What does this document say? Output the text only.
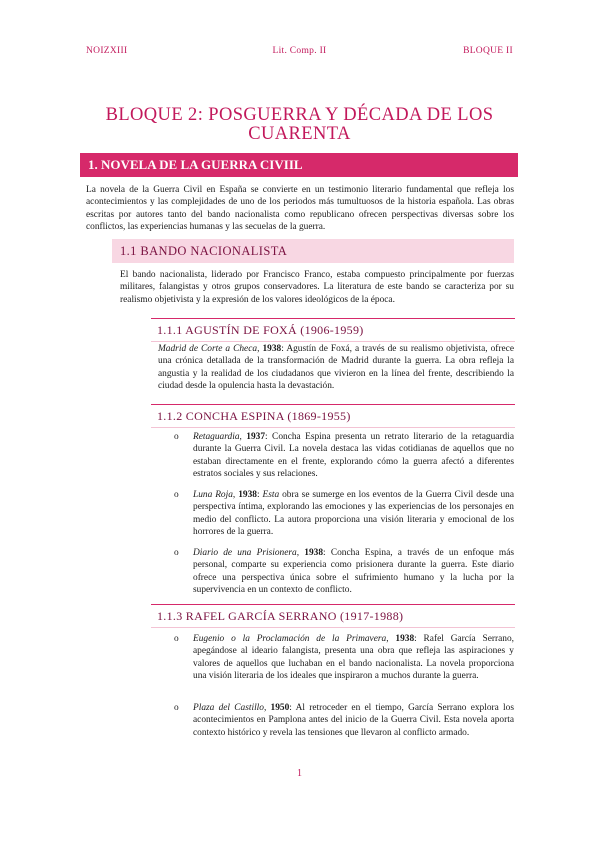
NOIZXIII	Lit. Comp. II	BLOQUE II
BLOQUE 2: POSGUERRA Y DÉCADA DE LOS CUARENTA
1. NOVELA DE LA GUERRA CIVIIL

La novela de la Guerra Civil en España se convierte en un testimonio literario fundamental que refleja los acontecimientos y las complejidades de uno de los periodos más tumultuosos de la historia española. Las obras escritas por autores tanto del bando nacionalista como republicano ofrecen perspectivas diversas sobre los conflictos, las experiencias humanas y las secuelas de la guerra.

1.1 BANDO NACIONALISTA

El bando nacionalista, liderado por Francisco Franco, estaba compuesto principalmente por fuerzas militares, falangistas y otros grupos conservadores. La literatura de este bando se caracteriza por su realismo objetivista y la expresión de los valores ideológicos de la época.

1.1.1 AGUSTÍN DE FOXÁ (1906-1959)

Madrid de Corte a Checa, 1938: Agustín de Foxá, a través de su realismo objetivista, ofrece una crónica detallada de la transformación de Madrid durante la guerra. La obra refleja la angustia y la realidad de los ciudadanos que vivieron en la línea del frente, describiendo la ciudad desde la opulencia hasta la devastación.

1.1.2 CONCHA ESPINA (1869-1955)
o Retaguardia, 1937: Concha Espina presenta un retrato literario de la retaguardia durante la Guerra Civil. La novela destaca las vidas cotidianas de aquellos que no estaban directamente en el frente, explorando cómo la guerra afectó a diferentes estratos sociales y sus relaciones.

o Luna Roja, 1938: Esta obra se sumerge en los eventos de la Guerra Civil desde una perspectiva íntima, explorando las emociones y las experiencias de los personajes en medio del conflicto. La autora proporciona una visión literaria y emocional de los horrores de la guerra.

o Diario de una Prisionera, 1938: Concha Espina, a través de un enfoque más personal, comparte su experiencia como prisionera durante la guerra. Este diario ofrece una perspectiva única sobre el sufrimiento humano y la lucha por la supervivencia en un contexto de conflicto.

1.1.3 RAFEL GARCÍA SERRANO (1917-1988)
o Eugenio o la Proclamación de la Primavera, 1938: Rafel García Serrano, apegándose al ideario falangista, presenta una obra que refleja las aspiraciones y valores de aquellos que luchaban en el bando nacionalista. La novela proporciona una visión literaria de los ideales que inspiraron a muchos durante la guerra.

o Plaza del Castillo, 1950: Al retroceder en el tiempo, García Serrano explora los acontecimientos en Pamplona antes del inicio de la Guerra Civil. Esta novela aporta contexto histórico y revela las tensiones que llevaron al conflicto armado.

1
